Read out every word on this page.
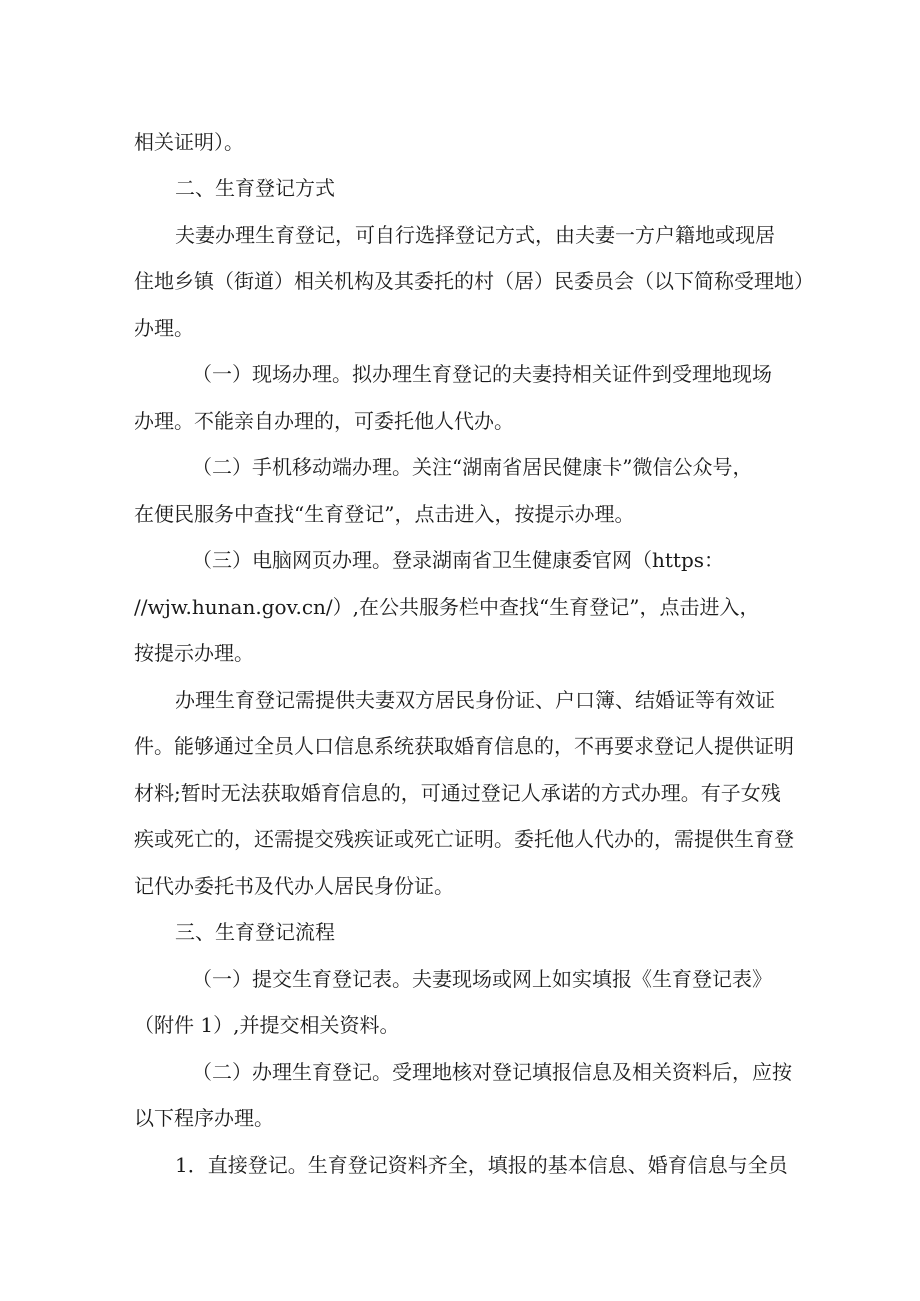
相关证明）。
二、生育登记方式
夫妻办理生育登记，可自行选择登记方式，由夫妻一方户籍地或现居
住地乡镇（街道）相关机构及其委托的村（居）民委员会（以下简称受理地）
办理。
（一）现场办理。拟办理生育登记的夫妻持相关证件到受理地现场
办理。不能亲自办理的，可委托他人代办。
（二）手机移动端办理。关注“湖南省居民健康卡”微信公众号，
在便民服务中查找“生育登记”，点击进入，按提示办理。
（三）电脑网页办理。登录湖南省卫生健康委官网（https：
//wjw.hunan.gov.cn/）,在公共服务栏中查找“生育登记”，点击进入，
按提示办理。
办理生育登记需提供夫妻双方居民身份证、户口簿、结婚证等有效证
件。能够通过全员人口信息系统获取婚育信息的，不再要求登记人提供证明
材料;暂时无法获取婚育信息的，可通过登记人承诺的方式办理。有子女残
疾或死亡的，还需提交残疾证或死亡证明。委托他人代办的，需提供生育登
记代办委托书及代办人居民身份证。
三、生育登记流程
（一）提交生育登记表。夫妻现场或网上如实填报《生育登记表》
（附件 1）,并提交相关资料。
（二）办理生育登记。受理地核对登记填报信息及相关资料后，应按
以下程序办理。
1．直接登记。生育登记资料齐全，填报的基本信息、婚育信息与全员
